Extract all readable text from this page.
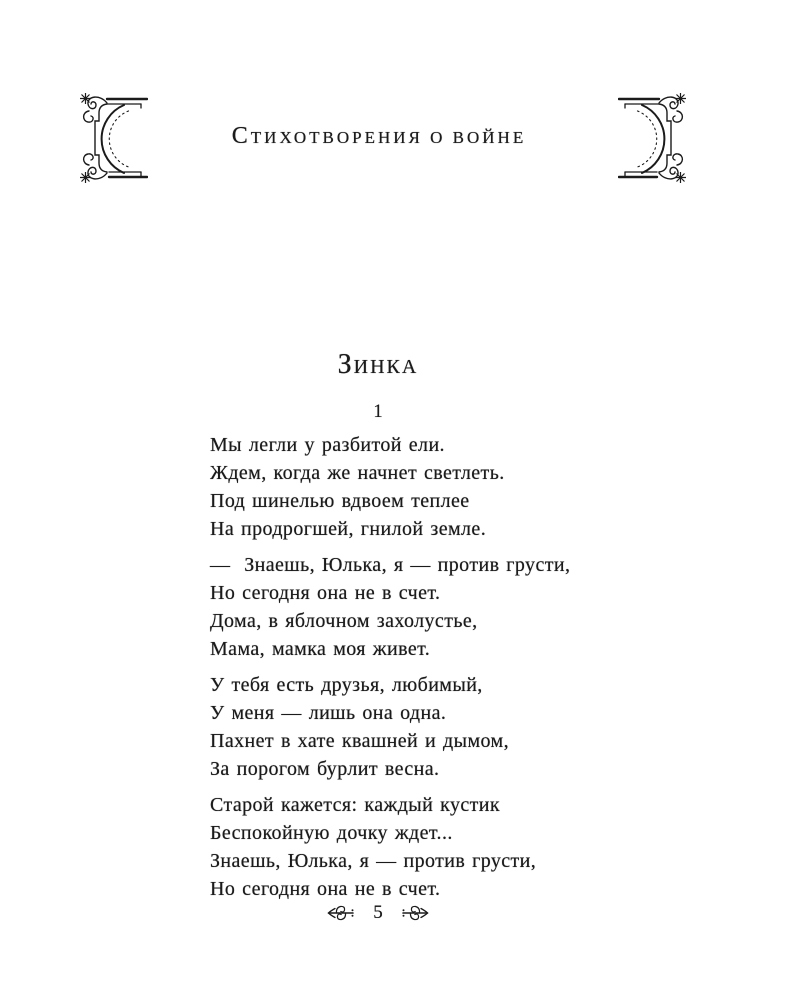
СТИХОТВОРЕНИЯ О ВОЙНЕ
ЗИНКА
1
Мы легли у разбитой ели.
Ждем, когда же начнет светлеть.
Под шинелью вдвоем теплее
На продрогшей, гнилой земле.
—  Знаешь, Юлька, я — против грусти,
Но сегодня она не в счет.
Дома, в яблочном захолустье,
Мама, мамка моя живет.
У тебя есть друзья, любимый,
У меня — лишь она одна.
Пахнет в хате квашней и дымом,
За порогом бурлит весна.
Старой кажется: каждый кустик
Беспокойную дочку ждет...
Знаешь, Юлька, я — против грусти,
Но сегодня она не в счет.
5
